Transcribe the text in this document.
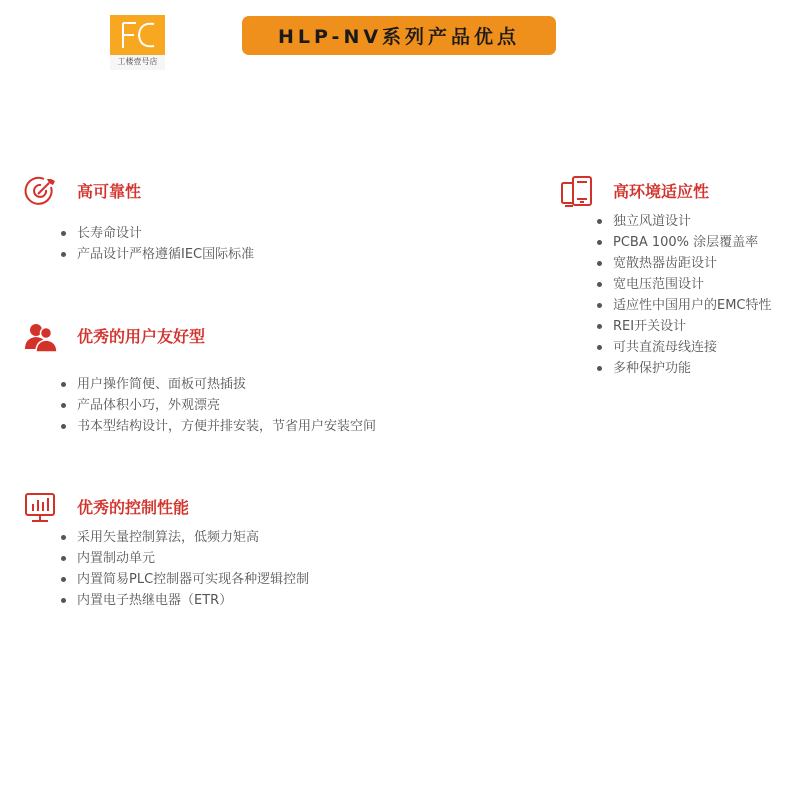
工楼壹号店
HLP-NV系列产品优点
高可靠性
长寿命设计
产品设计严格遵循IEC国际标准
优秀的用户友好型
用户操作简便、面板可热插拔
产品体积小巧，外观漂亮
书本型结构设计，方便并排安装，节省用户安装空间
优秀的控制性能
采用矢量控制算法，低频力矩高
内置制动单元
内置简易PLC控制器可实现各种逻辑控制
内置电子热继电器（ETR）
高环境适应性
独立风道设计
PCBA 100% 涂层覆盖率
宽散热器齿距设计
宽电压范围设计
适应性中国用户的EMC特性
REI开关设计
可共直流母线连接
多种保护功能
